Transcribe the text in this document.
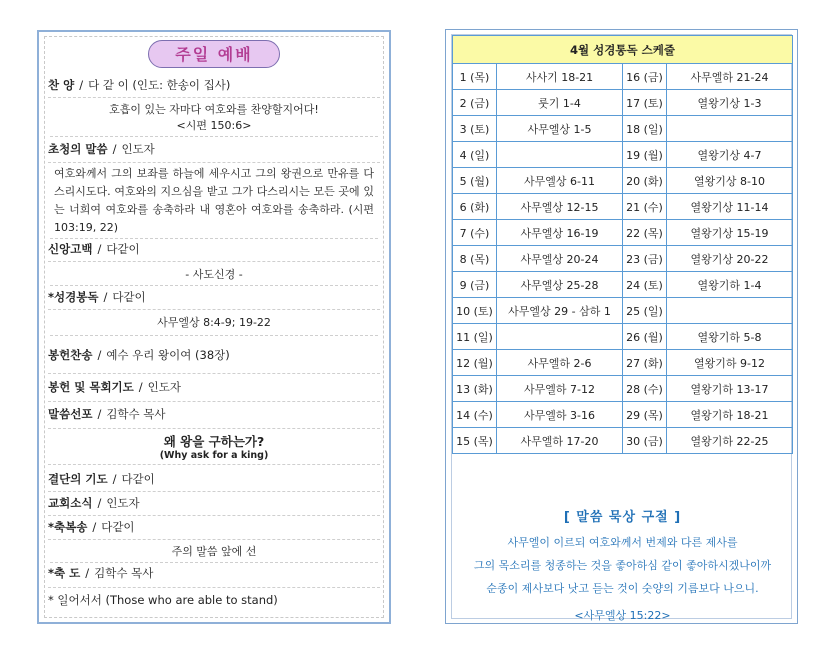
주일 예배
찬 양 / 다 같 이 (인도: 한송이 집사)
호흡이 있는 자마다 여호와를 찬양할지어다!
<시편 150:6>
초청의 말씀 / 인도자
여호와께서 그의 보좌를 하늘에 세우시고 그의 왕권으로 만유를 다스리시도다. 여호와의 지으심을 받고 그가 다스리시는 모든 곳에 있는 너희여 여호와를 송축하라 내 영혼아 여호와를 송축하라. (시편 103:19, 22)
신앙고백 / 다같이
- 사도신경 -
*성경봉독 / 다같이
사무엘상 8:4-9; 19-22
봉헌찬송 / 예수 우리 왕이여 (38장)
봉헌 및 목회기도 / 인도자
말씀선포 / 김학수 목사
왜 왕을 구하는가?
(Why ask for a king)
결단의 기도 / 다같이
교회소식 / 인도자
*축복송 / 다같이
주의 말씀 앞에 선
*축 도 / 김학수 목사
* 일어서서 (Those who are able to stand)
4월 성경통독 스케줄			
1 (목)	사사기 18-21	16 (금)	사무엘하 21-24
2 (금)	룻기 1-4	17 (토)	열왕기상 1-3
3 (토)	사무엘상 1-5	18 (일)	
4 (일)		19 (월)	열왕기상 4-7
5 (월)	사무엘상 6-11	20 (화)	열왕기상 8-10
6 (화)	사무엘상 12-15	21 (수)	열왕기상 11-14
7 (수)	사무엘상 16-19	22 (목)	열왕기상 15-19
8 (목)	사무엘상 20-24	23 (금)	열왕기상 20-22
9 (금)	사무엘상 25-28	24 (토)	열왕기하 1-4
10 (토)	사무엘상 29 - 삼하 1	25 (일)	
11 (일)		26 (월)	열왕기하 5-8
12 (월)	사무엘하 2-6	27 (화)	열왕기하 9-12
13 (화)	사무엘하 7-12	28 (수)	열왕기하 13-17
14 (수)	사무엘하 3-16	29 (목)	열왕기하 18-21
15 (목)	사무엘하 17-20	30 (금)	열왕기하 22-25
[ 말씀 묵상 구절 ]
사무엘이 이르되 여호와께서 번제와 다른 제사를
그의 목소리를 청종하는 것을 좋아하심 같이 좋아하시겠나이까
순종이 제사보다 낫고 듣는 것이 숫양의 기름보다 나으니.
<사무엘상 15:22>
